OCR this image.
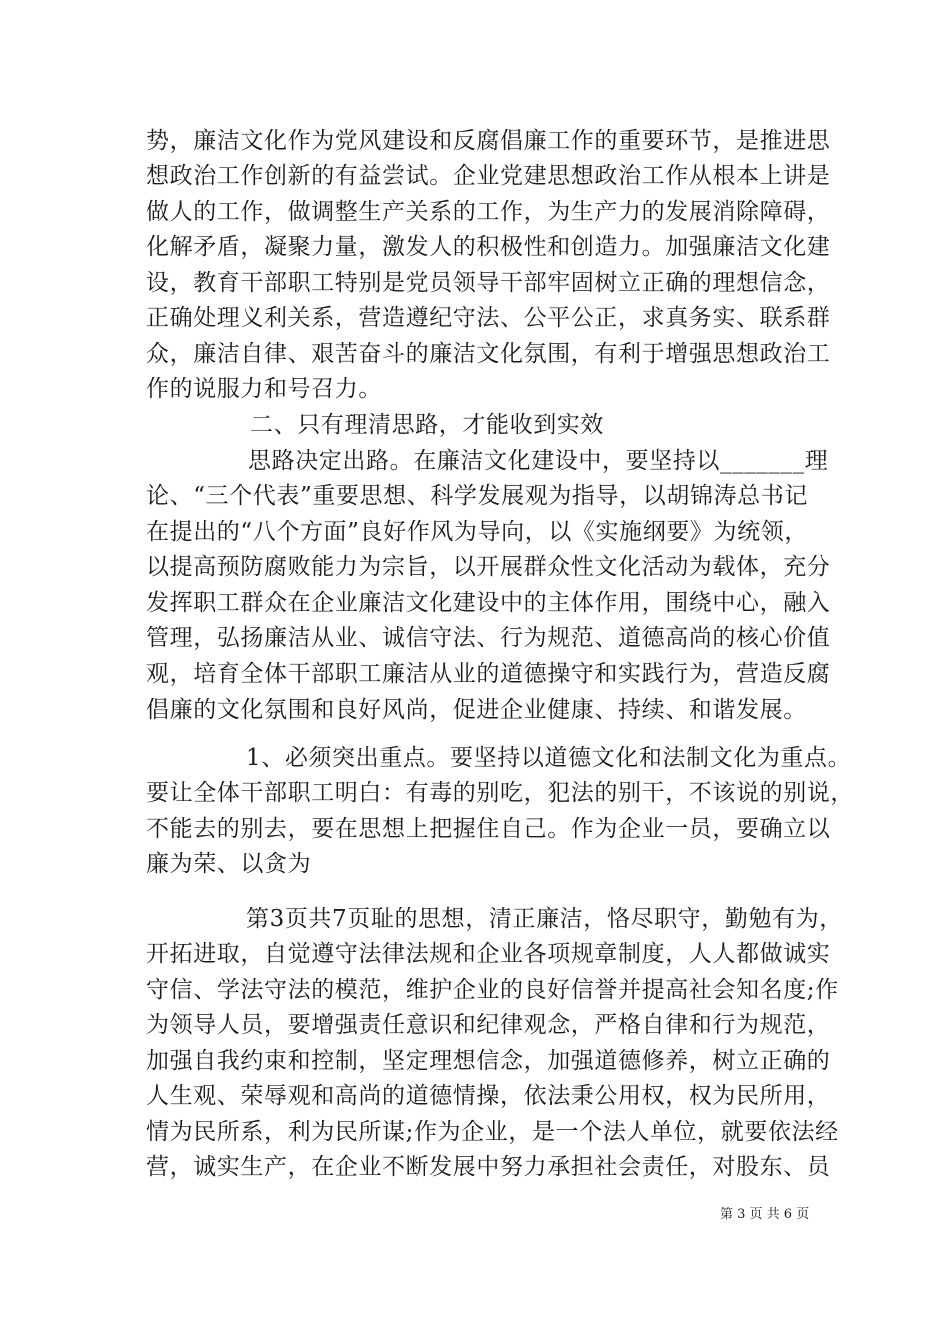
势，廉洁文化作为党风建设和反腐倡廉工作的重要环节，是推进思
想政治工作创新的有益尝试。企业党建思想政治工作从根本上讲是
做人的工作，做调整生产关系的工作，为生产力的发展消除障碍，
化解矛盾，凝聚力量，激发人的积极性和创造力。加强廉洁文化建
设，教育干部职工特别是党员领导干部牢固树立正确的理想信念，
正确处理义利关系，营造遵纪守法、公平公正，求真务实、联系群
众，廉洁自律、艰苦奋斗的廉洁文化氛围，有利于增强思想政治工
作的说服力和号召力。
二、只有理清思路，才能收到实效
思路决定出路。在廉洁文化建设中，要坚持以_______理
论、“三个代表”重要思想、科学发展观为指导，以胡锦涛总书记
在提出的“八个方面”良好作风为导向，以《实施纲要》为统领，
以提高预防腐败能力为宗旨，以开展群众性文化活动为载体，充分
发挥职工群众在企业廉洁文化建设中的主体作用，围绕中心，融入
管理，弘扬廉洁从业、诚信守法、行为规范、道德高尚的核心价值
观，培育全体干部职工廉洁从业的道德操守和实践行为，营造反腐
倡廉的文化氛围和良好风尚，促进企业健康、持续、和谐发展。
1、必须突出重点。要坚持以道德文化和法制文化为重点。
要让全体干部职工明白：有毒的别吃，犯法的别干，不该说的别说，
不能去的别去，要在思想上把握住自己。作为企业一员，要确立以
廉为荣、以贪为
第3页共7页耻的思想，清正廉洁，恪尽职守，勤勉有为，
开拓进取，自觉遵守法律法规和企业各项规章制度，人人都做诚实
守信、学法守法的模范，维护企业的良好信誉并提高社会知名度;作
为领导人员，要增强责任意识和纪律观念，严格自律和行为规范，
加强自我约束和控制，坚定理想信念，加强道德修养，树立正确的
人生观、荣辱观和高尚的道德情操，依法秉公用权，权为民所用，
情为民所系，利为民所谋;作为企业，是一个法人单位，就要依法经
营，诚实生产，在企业不断发展中努力承担社会责任，对股东、员
第 3 页 共 6 页
